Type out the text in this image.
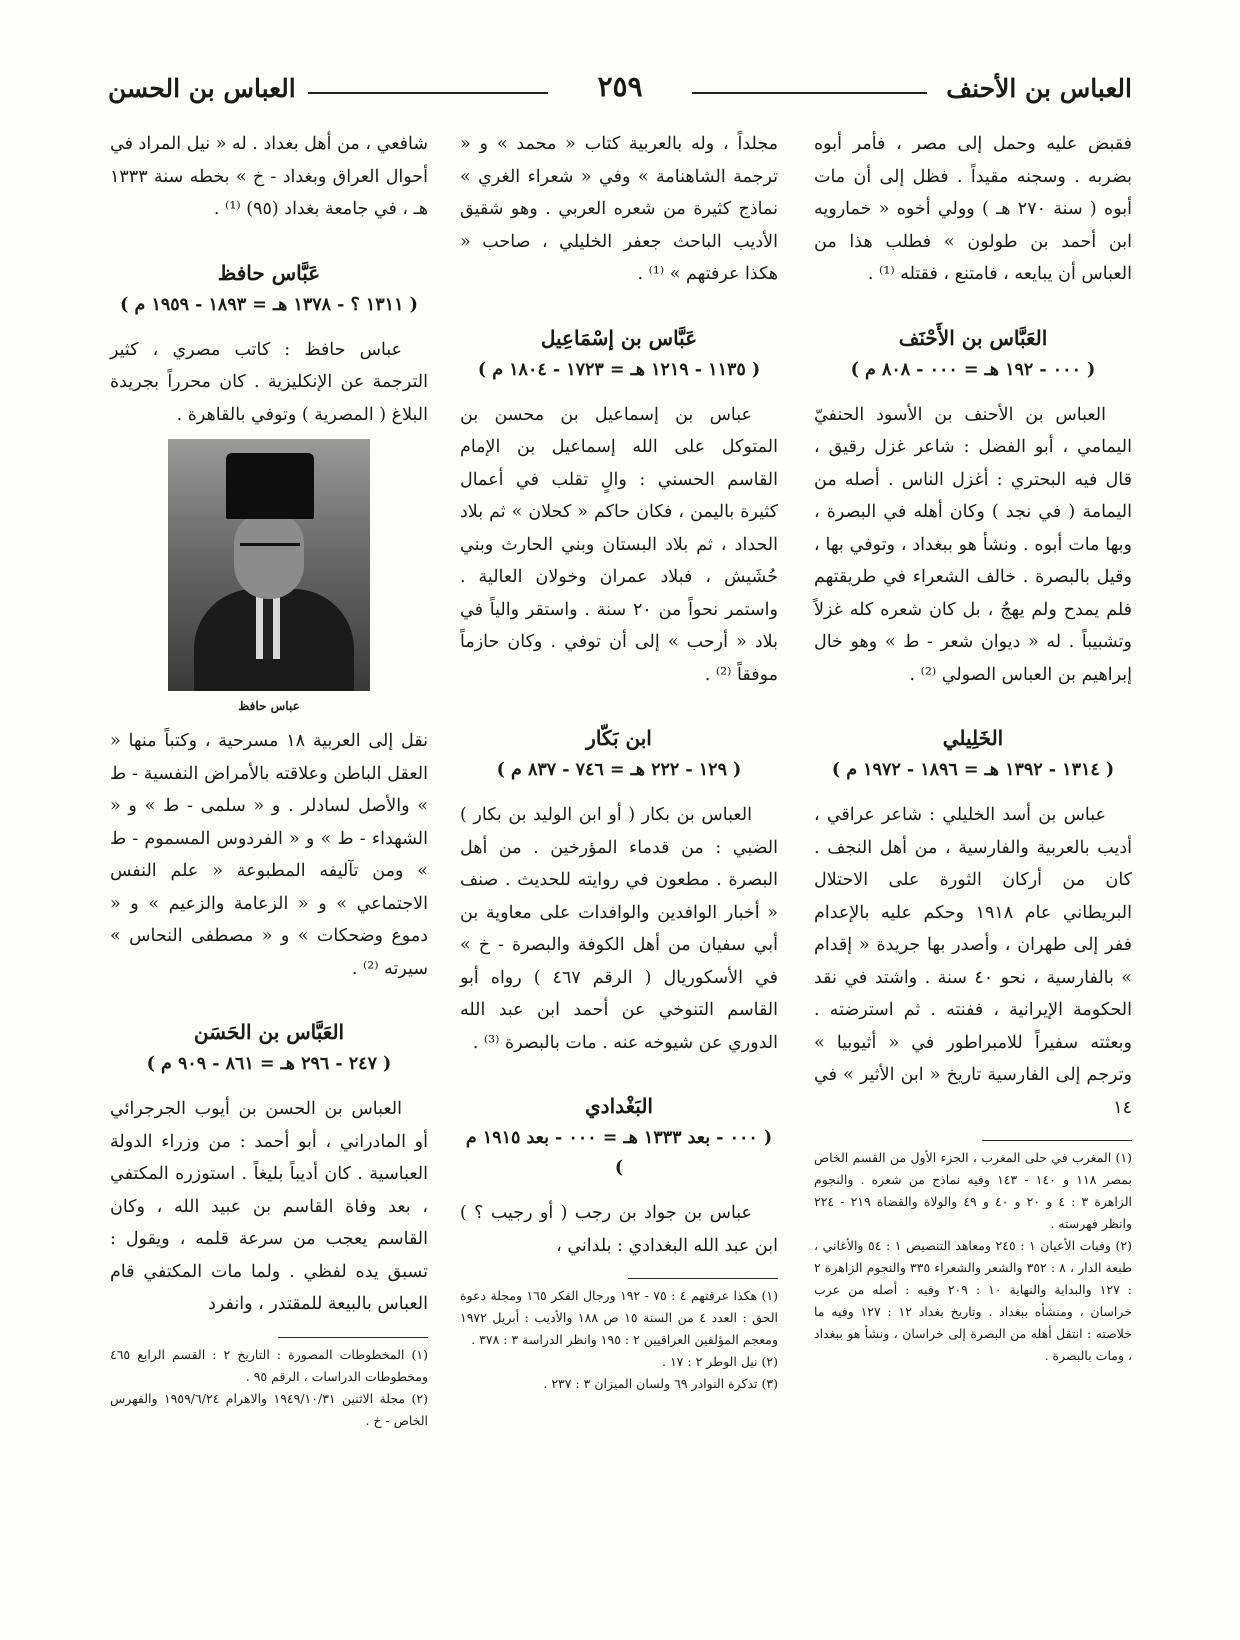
العباس بن الأحنف
٢٥٩
العباس بن الحسن

فقبض عليه وحمل إلى مصر ، فأمر أبوه بضربه . وسجنه مقيداً . فظل إلى أن مات أبوه ( سنة ٢٧٠ هـ ) وولي أخوه « خمارويه ابن أحمد بن طولون » فطلب هذا من العباس أن يبايعه ، فامتنع ، فقتله ⁽¹⁾ .

العَبَّاس بن الأَحْنَف
( ٠٠٠ - ١٩٢ هـ = ٠٠٠ - ٨٠٨ م )

العباس بن الأحنف بن الأسود الحنفيّ اليمامي ، أبو الفضل : شاعر غزل رقيق ، قال فيه البحتري : أغزل الناس . أصله من اليمامة ( في نجد ) وكان أهله في البصرة ، وبها مات أبوه . ونشأ هو ببغداد ، وتوفي بها ، وقيل بالبصرة . خالف الشعراء في طريقتهم فلم يمدح ولم يهجُ ، بل كان شعره كله غزلاً وتشبيباً . له « ديوان شعر - ط » وهو خال إبراهيم بن العباس الصولي ⁽²⁾ .

الخَلِيلي
( ١٣١٤ - ١٣٩٢ هـ = ١٨٩٦ - ١٩٧٢ م )

عباس بن أسد الخليلي : شاعر عراقي ، أديب بالعربية والفارسية ، من أهل النجف . كان من أركان الثورة على الاحتلال البريطاني عام ١٩١٨ وحكم عليه بالإعدام ففر إلى طهران ، وأصدر بها جريدة « إقدام » بالفارسية ، نحو ٤٠ سنة . واشتد في نقد الحكومة الإيرانية ، ففنته . ثم استرضته . وبعثته سفيراً للامبراطور في « أثيوبيا » وترجم إلى الفارسية تاريخ « ابن الأثير » في ١٤

(١) المغرب في حلى المغرب ، الجزء الأول من القسم الخاص بمصر ١١٨ و ١٤٠ - ١٤٣ وفيه نماذج من شعره . والنجوم الزاهرة ٣ : ٤ و ٢٠ و ٤٠ و ٤٩ والولاة والقضاة ٢١٩ - ٢٢٤ وانظر فهرسته .

(٢) وفيات الأعيان ١ : ٢٤٥ ومعاهد التنصيص ١ : ٥٤ والأغاني ، طبعة الدار ، ٨ : ٣٥٢ والشعر والشعراء ٣٣٥ والنجوم الزاهرة ٢ : ١٢٧ والبداية والنهاية ١٠ : ٢٠٩ وفيه : أصله من عرب خراسان ، ومنشأه ببغداد . وتاريخ بغداد ١٢ : ١٢٧ وفيه ما خلاصته : انتقل أهله من البصرة إلى خراسان ، ونشأ هو ببغداد ، ومات بالبصرة .

مجلداً ، وله بالعربية كتاب « محمد » و « ترجمة الشاهنامة » وفي « شعراء الغري » نماذج كثيرة من شعره العربي . وهو شقيق الأديب الباحث جعفر الخليلي ، صاحب « هكذا عرفتهم » ⁽¹⁾ .

عَبَّاس بن إسْمَاعِيل
( ١١٣٥ - ١٢١٩ هـ = ١٧٢٣ - ١٨٠٤ م )

عباس بن إسماعيل بن محسن بن المتوكل على الله إسماعيل بن الإمام القاسم الحسني : والٍ تقلب في أعمال كثيرة باليمن ، فكان حاكم « كحلان » ثم بلاد الحداد ، ثم بلاد البستان وبني الحارث وبني حُشَيش ، فبلاد عمران وخولان العالية . واستمر نحواً من ٢٠ سنة . واستقر والياً في بلاد « أرحب » إلى أن توفي . وكان حازماً موفقاً ⁽²⁾ .

ابن بَكّار
( ١٢٩ - ٢٢٢ هـ = ٧٤٦ - ٨٣٧ م )

العباس بن بكار ( أو ابن الوليد بن بكار ) الضبي : من قدماء المؤرخين . من أهل البصرة . مطعون في روايته للحديث . صنف « أخبار الوافدين والوافدات على معاوية بن أبي سفيان من أهل الكوفة والبصرة - خ » في الأسكوريال ( الرقم ٤٦٧ ) رواه أبو القاسم التنوخي عن أحمد ابن عبد الله الدوري عن شيوخه عنه . مات بالبصرة ⁽³⁾ .

البَغْدادي
( ٠٠٠ - بعد ١٣٣٣ هـ = ٠٠٠ - بعد ١٩١٥ م )

عباس بن جواد بن رجب ( أو رجيب ؟ ) ابن عبد الله البغدادي : بلداني ،

(١) هكذا عرفتهم ٤ : ٧٥ - ١٩٢ ورجال الفكر ١٦٥ ومجلة دعوة الحق : العدد ٤ من السنة ١٥ ص ١٨٨ والأديب : أبريل ١٩٧٢ ومعجم المؤلفين العراقيين ٢ : ١٩٥ وانظر الدراسة ٣ : ٣٧٨ .

(٢) نيل الوطر ٢ : ١٧ .

(٣) تذكرة النوادر ٦٩ ولسان الميزان ٣ : ٢٣٧ .

شافعي ، من أهل بغداد . له « نيل المراد في أحوال العراق وبغداد - خ » بخطه سنة ١٣٣٣ هـ ، في جامعة بغداد (٩٥) ⁽¹⁾ .

عَبَّاس حافظ
( ١٣١١ ؟ - ١٣٧٨ هـ = ١٨٩٣ - ١٩٥٩ م )

عباس حافظ : كاتب مصري ، كثير الترجمة عن الإنكليزية . كان محرراً بجريدة البلاغ ( المصرية ) وتوفي بالقاهرة .

عباس حافظ

نقل إلى العربية ١٨ مسرحية ، وكتباً منها « العقل الباطن وعلاقته بالأمراض النفسية - ط » والأصل لسادلر . و « سلمى - ط » و « الشهداء - ط » و « الفردوس المسموم - ط » ومن تآليفه المطبوعة « علم النفس الاجتماعي » و « الزعامة والزعيم » و « دموع وضحكات » و « مصطفى النحاس » سيرته ⁽²⁾ .

العَبَّاس بن الحَسَن
( ٢٤٧ - ٢٩٦ هـ = ٨٦١ - ٩٠٩ م )

العباس بن الحسن بن أيوب الجرجرائي أو المادراني ، أبو أحمد : من وزراء الدولة العباسية . كان أديباً بليغاً . استوزره المكتفي ، بعد وفاة القاسم بن عبيد الله ، وكان القاسم يعجب من سرعة قلمه ، ويقول : تسبق يده لفظي . ولما مات المكتفي قام العباس بالبيعة للمقتدر ، وانفرد

(١) المخطوطات المصورة : التاريخ ٢ : القسم الرابع ٤٦٥ ومخطوطات الدراسات ، الرقم ٩٥ .

(٢) مجلة الاثنين ١٩٤٩/١٠/٣١ والاهرام ١٩٥٩/٦/٢٤ والفهرس الخاص - خ .
